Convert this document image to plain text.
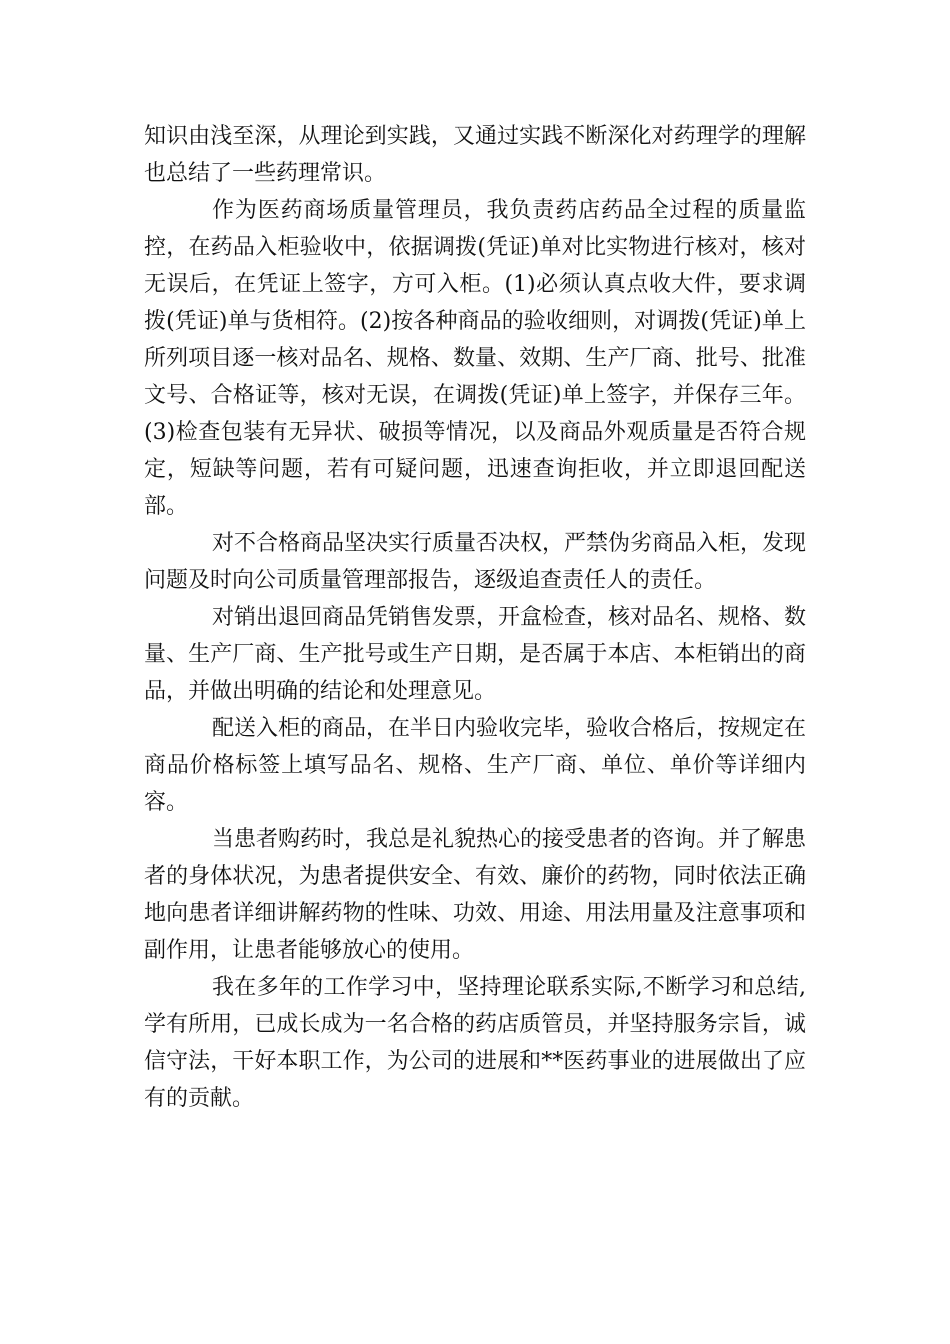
知识由浅至深，从理论到实践，又通过实践不断深化对药理学的理解也总结了一些药理常识。

作为医药商场质量管理员，我负责药店药品全过程的质量监控，在药品入柜验收中，依据调拨(凭证)单对比实物进行核对，核对无误后，在凭证上签字，方可入柜。(1)必须认真点收大件，要求调拨(凭证)单与货相符。(2)按各种商品的验收细则，对调拨(凭证)单上所列项目逐一核对品名、规格、数量、效期、生产厂商、批号、批准文号、合格证等，核对无误，在调拨(凭证)单上签字，并保存三年。(3)检查包装有无异状、破损等情况，以及商品外观质量是否符合规定，短缺等问题，若有可疑问题，迅速查询拒收，并立即退回配送部。

对不合格商品坚决实行质量否决权，严禁伪劣商品入柜，发现问题及时向公司质量管理部报告，逐级追查责任人的责任。

对销出退回商品凭销售发票，开盒检查，核对品名、规格、数量、生产厂商、生产批号或生产日期，是否属于本店、本柜销出的商品，并做出明确的结论和处理意见。

配送入柜的商品，在半日内验收完毕，验收合格后，按规定在商品价格标签上填写品名、规格、生产厂商、单位、单价等详细内容。

当患者购药时，我总是礼貌热心的接受患者的咨询。并了解患者的身体状况，为患者提供安全、有效、廉价的药物，同时依法正确地向患者详细讲解药物的性味、功效、用途、用法用量及注意事项和副作用，让患者能够放心的使用。

我在多年的工作学习中，坚持理论联系实际,不断学习和总结,学有所用，已成长成为一名合格的药店质管员，并坚持服务宗旨，诚信守法，干好本职工作，为公司的进展和**医药事业的进展做出了应有的贡献。
